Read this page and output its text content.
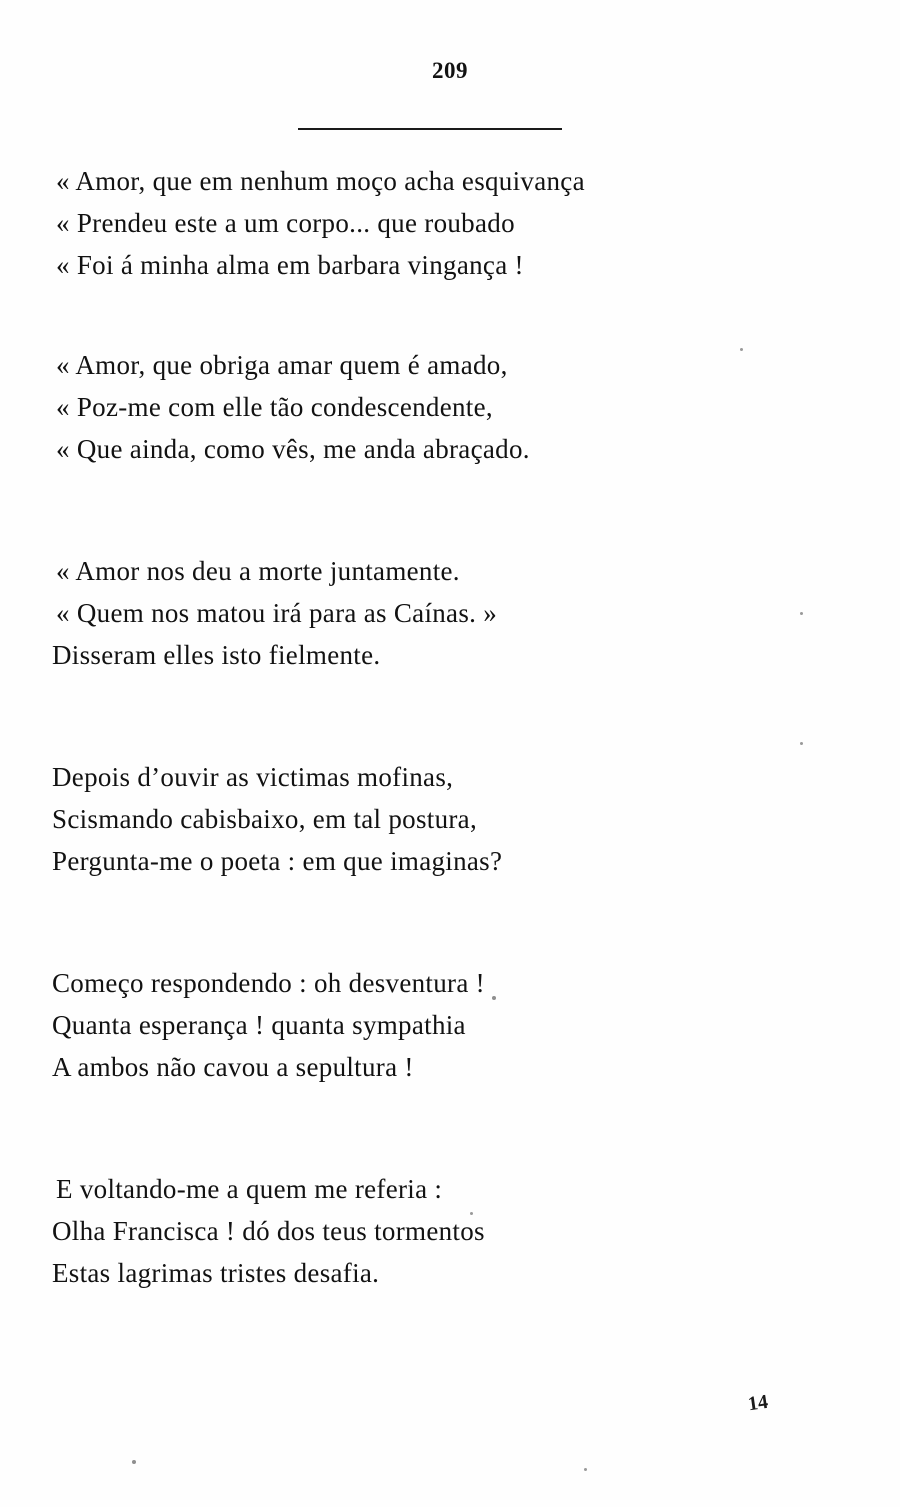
209
« Amor, que em nenhum moço acha esquivança
« Prendeu este a um corpo... que roubado
« Foi á minha alma em barbara vingança !
« Amor, que obriga amar quem é amado,
« Poz-me com elle tão condescendente,
« Que ainda, como vês, me anda abraçado.
« Amor nos deu a morte juntamente.
« Quem nos matou irá para as Caínas. »
Disseram elles isto fielmente.
Depois d’ouvir as victimas mofinas,
Scismando cabisbaixo, em tal postura,
Pergunta-me o poeta : em que imaginas?
Começo respondendo : oh desventura !
Quanta esperança ! quanta sympathia
A ambos não cavou a sepultura !
E voltando-me a quem me referia :
Olha Francisca ! dó dos teus tormentos
Estas lagrimas tristes desafia.
14
